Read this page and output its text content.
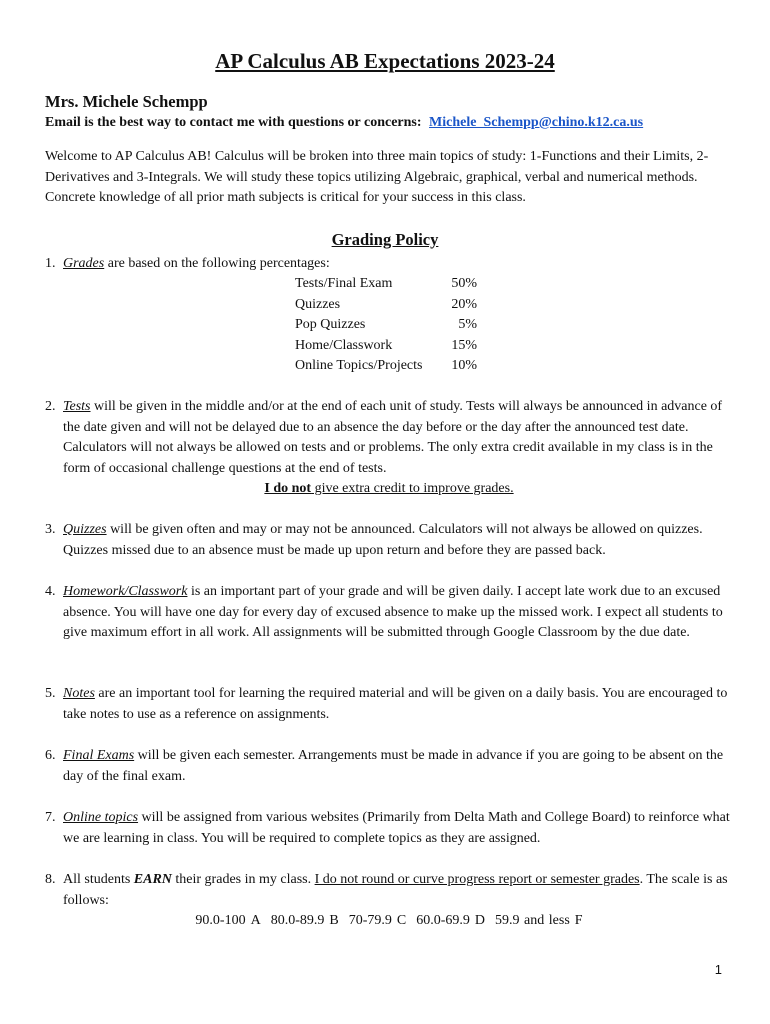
AP Calculus AB Expectations 2023-24
Mrs. Michele Schempp
Email is the best way to contact me with questions or concerns: Michele_Schempp@chino.k12.ca.us
Welcome to AP Calculus AB! Calculus will be broken into three main topics of study: 1-Functions and their Limits, 2-Derivatives and 3-Integrals. We will study these topics utilizing Algebraic, graphical, verbal and numerical methods. Concrete knowledge of all prior math subjects is critical for your success in this class.
Grading Policy
1. Grades are based on the following percentages:
Tests/Final Exam	50%
Quizzes	20%
Pop Quizzes	5%
Home/Classwork	15%
Online Topics/Projects	10%
2. Tests will be given in the middle and/or at the end of each unit of study. Tests will always be announced in advance of the date given and will not be delayed due to an absence the day before or the day after the announced test date. Calculators will not always be allowed on tests and or problems. The only extra credit available in my class is in the form of occasional challenge questions at the end of tests.
I do not give extra credit to improve grades.
3. Quizzes will be given often and may or may not be announced. Calculators will not always be allowed on quizzes. Quizzes missed due to an absence must be made up upon return and before they are passed back.
4. Homework/Classwork is an important part of your grade and will be given daily. I accept late work due to an excused absence. You will have one day for every day of excused absence to make up the missed work. I expect all students to give maximum effort in all work. All assignments will be submitted through Google Classroom by the due date.
5. Notes are an important tool for learning the required material and will be given on a daily basis. You are encouraged to take notes to use as a reference on assignments.
6. Final Exams will be given each semester. Arrangements must be made in advance if you are going to be absent on the day of the final exam.
7. Online topics will be assigned from various websites (Primarily from Delta Math and College Board) to reinforce what we are learning in class. You will be required to complete topics as they are assigned.
8. All students EARN their grades in my class. I do not round or curve progress report or semester grades. The scale is as follows:
90.0-100 A 80.0-89.9 B 70-79.9 C 60.0-69.9 D 59.9 and less F
1
